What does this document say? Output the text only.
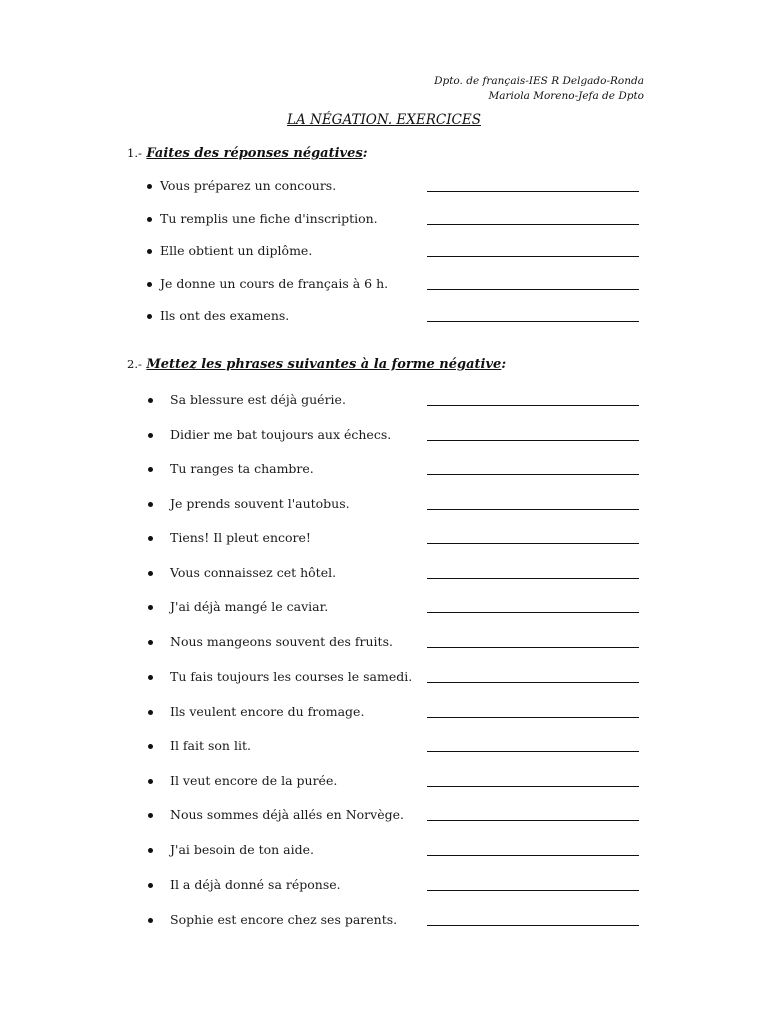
Dpto. de français-IES R Delgado-Ronda
Mariola Moreno-Jefa de Dpto
LA NÉGATION. EXERCICES
1.- Faites des réponses négatives:
Vous préparez un concours.
Tu remplis une fiche d'inscription.
Elle obtient un diplôme.
Je donne un cours de français à 6 h.
Ils ont des examens.
2.- Mettez les phrases suivantes à la forme négative:
Sa blessure est déjà guérie.
Didier me bat toujours aux échecs.
Tu ranges ta chambre.
Je prends souvent l'autobus.
Tiens! Il pleut encore!
Vous connaissez cet hôtel.
J'ai déjà mangé le caviar.
Nous mangeons souvent des fruits.
Tu fais toujours les courses le samedi.
Ils veulent encore du fromage.
Il fait son lit.
Il veut encore de la purée.
Nous sommes déjà allés en Norvège.
J'ai besoin de ton aide.
Il a déjà donné sa réponse.
Sophie est encore chez ses parents.
